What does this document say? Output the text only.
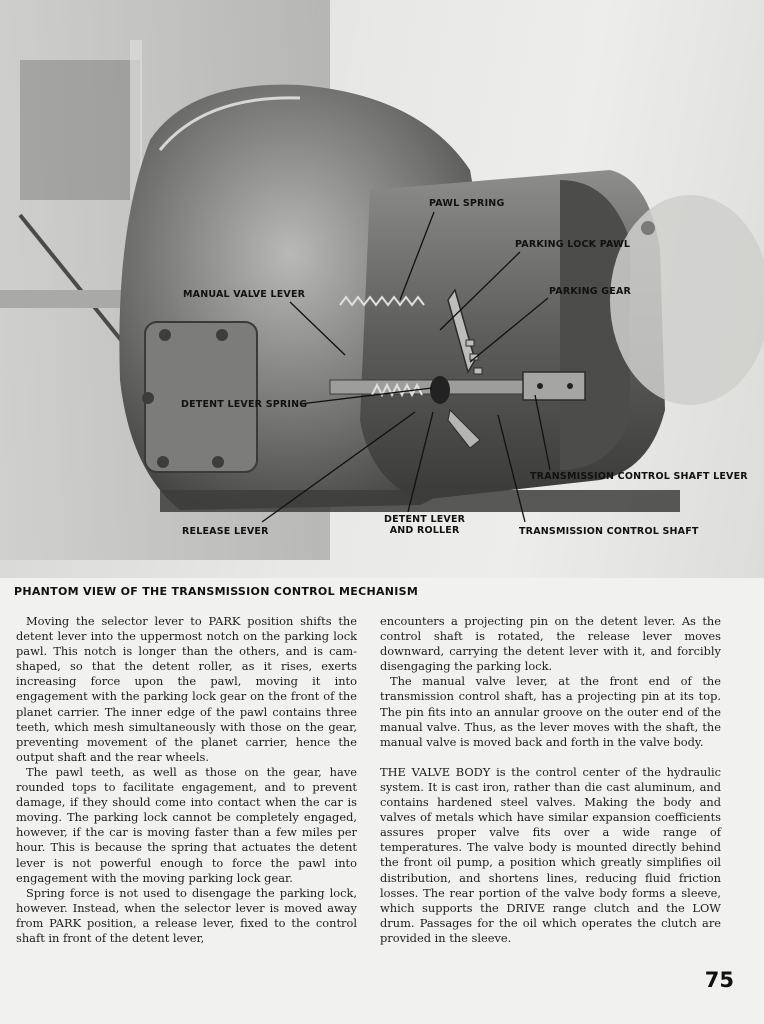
PAWL SPRING
PARKING LOCK PAWL
MANUAL VALVE LEVER	PARKING GEAR
DETENT LEVER SPRING
TRANSMISSION CONTROL SHAFT LEVER
RELEASE LEVER
DETENT LEVER
AND ROLLER	TRANSMISSION CONTROL SHAFT
PHANTOM VIEW OF THE TRANSMISSION CONTROL MECHANISM

Moving the selector lever to PARK position shifts the detent lever into the uppermost notch on the parking lock pawl. This notch is longer than the others, and is cam-shaped, so that the detent roller, as it rises, exerts increasing force upon the pawl, moving it into engagement with the parking lock gear on the front of the planet carrier. The inner edge of the pawl contains three teeth, which mesh simultaneously with those on the gear, preventing movement of the planet carrier, hence the output shaft and the rear wheels.

The pawl teeth, as well as those on the gear, have rounded tops to facilitate engagement, and to prevent damage, if they should come into contact when the car is moving. The parking lock cannot be completely engaged, however, if the car is moving faster than a few miles per hour. This is because the spring that actuates the detent lever is not powerful enough to force the pawl into engagement with the moving parking lock gear.

Spring force is not used to disengage the parking lock, however. Instead, when the selector lever is moved away from PARK position, a release lever, fixed to the control shaft in front of the detent lever,

encounters a projecting pin on the detent lever. As the control shaft is rotated, the release lever moves downward, carrying the detent lever with it, and forcibly disengaging the parking lock.

The manual valve lever, at the front end of the transmission control shaft, has a projecting pin at its top. The pin fits into an annular groove on the outer end of the manual valve. Thus, as the lever moves with the shaft, the manual valve is moved back and forth in the valve body.

THE VALVE BODY is the control center of the hydraulic system. It is cast iron, rather than die cast aluminum, and contains hardened steel valves. Making the body and valves of metals which have similar expansion coefficients assures proper valve fits over a wide range of temperatures. The valve body is mounted directly behind the front oil pump, a position which greatly simplifies oil distribution, and shortens lines, reducing fluid friction losses. The rear portion of the valve body forms a sleeve, which supports the DRIVE range clutch and the LOW drum. Passages for the oil which operates the clutch are provided in the sleeve.

75
